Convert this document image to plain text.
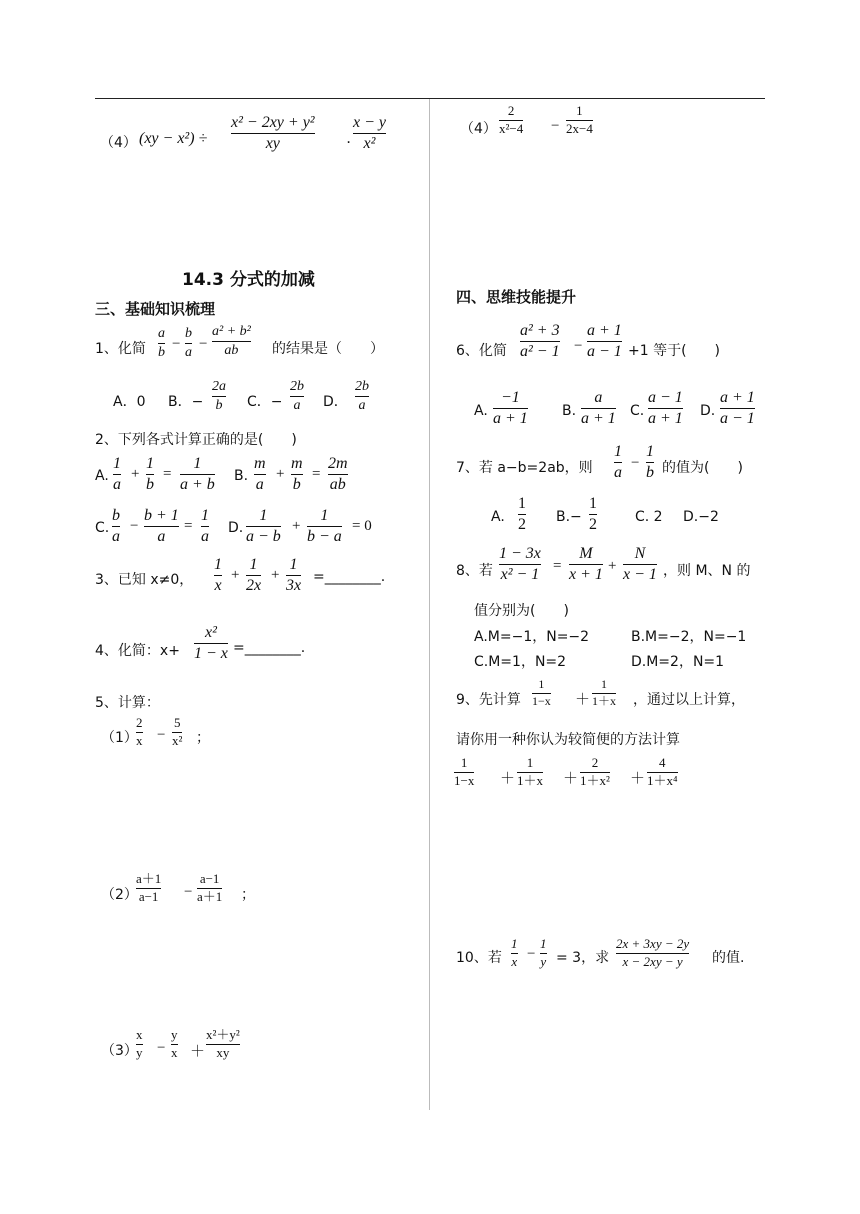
（4） (xy − x²) ÷
x² − 2xy + y²
xy	.
x − y
x²
（4）
2
x²−4 −
1
2x−4
14.3 分式的加减
三、基础知识梳理
1、化简
a
b
−
b
a
−
a² + b²
ab 的结果是（　　）
A．0 B．−
2a
b C．−
2b
a D．
2b
a
2、下列各式计算正确的是(　　)
A.
1
a
+
1
b
=
1
a + b
B.
m
a
+
m
b
=
2m
ab
C.
b
a
−
b + 1
a
=
1
a
D.
1
a − b
+
1
b − a
= 0
3、已知 x≠0，
1
x
+
1
2x
+
1
3x
=________.
4、化简：x+
x²
1 − x =________.
5、计算：
（1）
2
x −
5
x² ；
（2）
a＋1
a−1 −
a−1
a＋1 ；
（3）
x
y −
y
x ＋
x²＋y²
xy
四、思维技能提升
6、化简
a² + 3
a² − 1 −
a + 1
a − 1 +1 等于(　　)
A.
−1
a + 1 B.
a
a + 1 C.
a − 1
a + 1 D.
a + 1
a − 1
7、若 a−b=2ab，则
1
a
−
1
b 的值为(　　)
A.
1
2 B.−
1
2	C. 2 D.−2
8、若
1 − 3x
x² − 1
=
M
x + 1
+
N
x − 1 ，则 M、N 的
值分别为(　　)
A.M=−1，N=−2	B.M=−2，N=−1
C.M=1，N=2	D.M=2，N=1
9、先计算
1
1−x ＋
1
1＋x ，通过以上计算，
请你用一种你认为较简便的方法计算
1
1−x ＋
1
1＋x ＋
2
1＋x² ＋
4
1＋x⁴
10、若
1
x −
1
y = 3，求
2x + 3xy − 2y
x − 2xy − y 的值.
